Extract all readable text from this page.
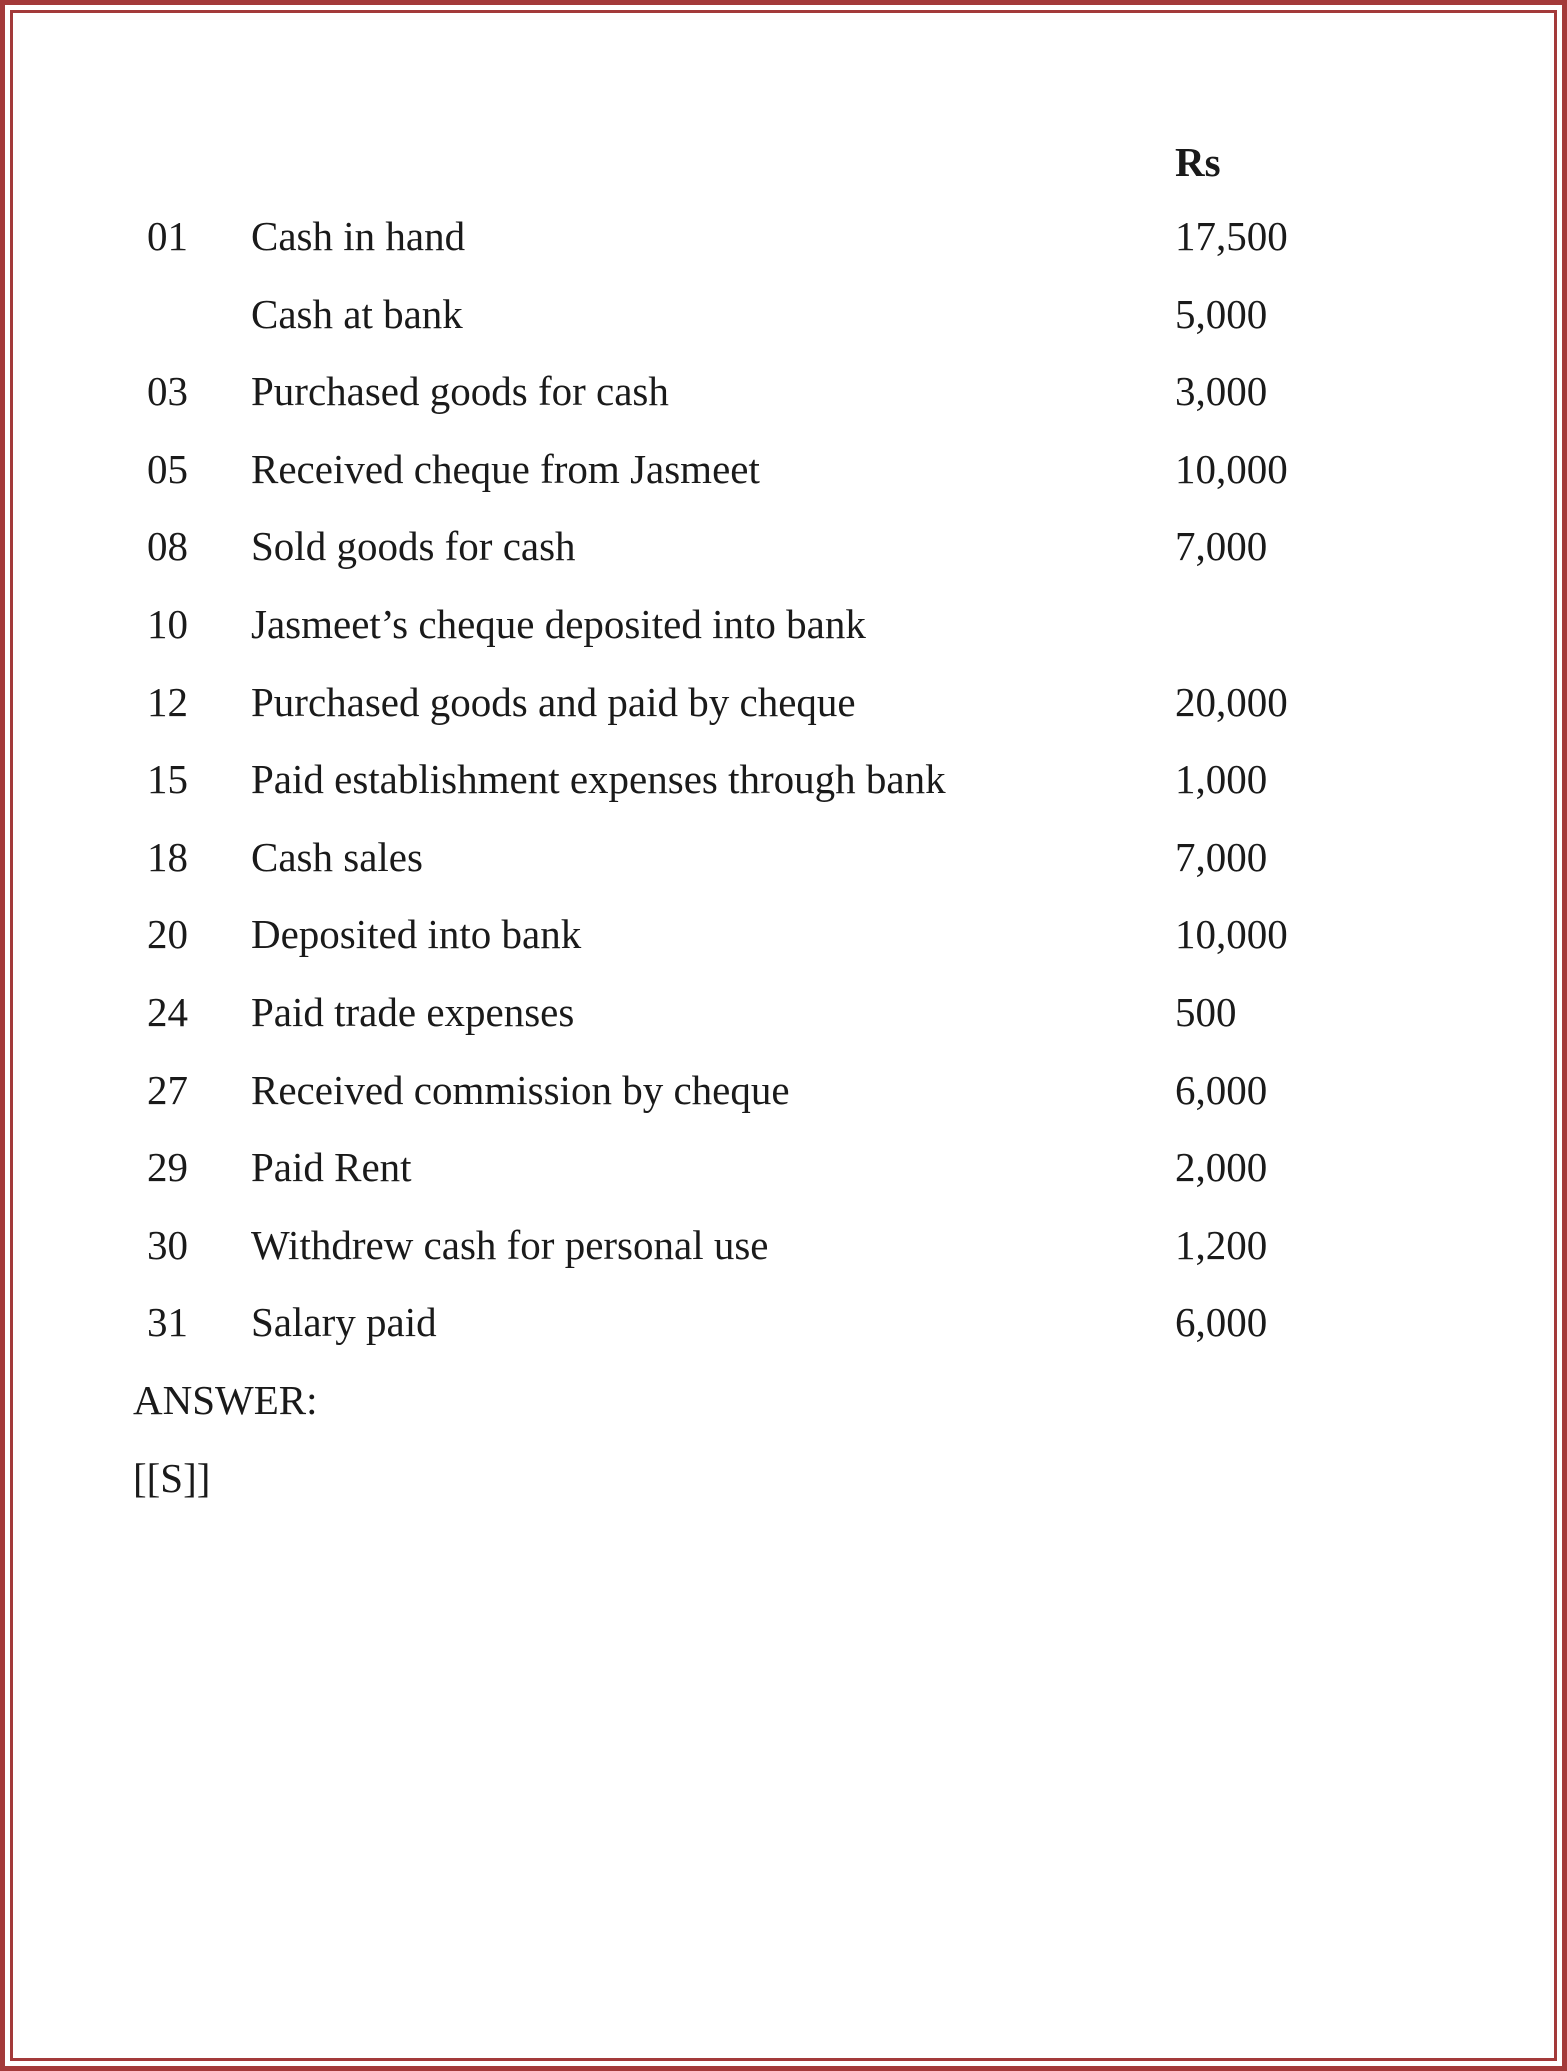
Rs
01 Cash in hand	17,500
Cash at bank	5,000
03 Purchased goods for cash	3,000
05 Received cheque from Jasmeet	10,000
08 Sold goods for cash	7,000
10 Jasmeet’s cheque deposited into bank
12 Purchased goods and paid by cheque	20,000
15 Paid establishment expenses through bank	1,000
18 Cash sales	7,000
20 Deposited into bank	10,000
24 Paid trade expenses	500
27 Received commission by cheque	6,000
29 Paid Rent	2,000
30 Withdrew cash for personal use	1,200
31 Salary paid	6,000
ANSWER:
[[S]]
